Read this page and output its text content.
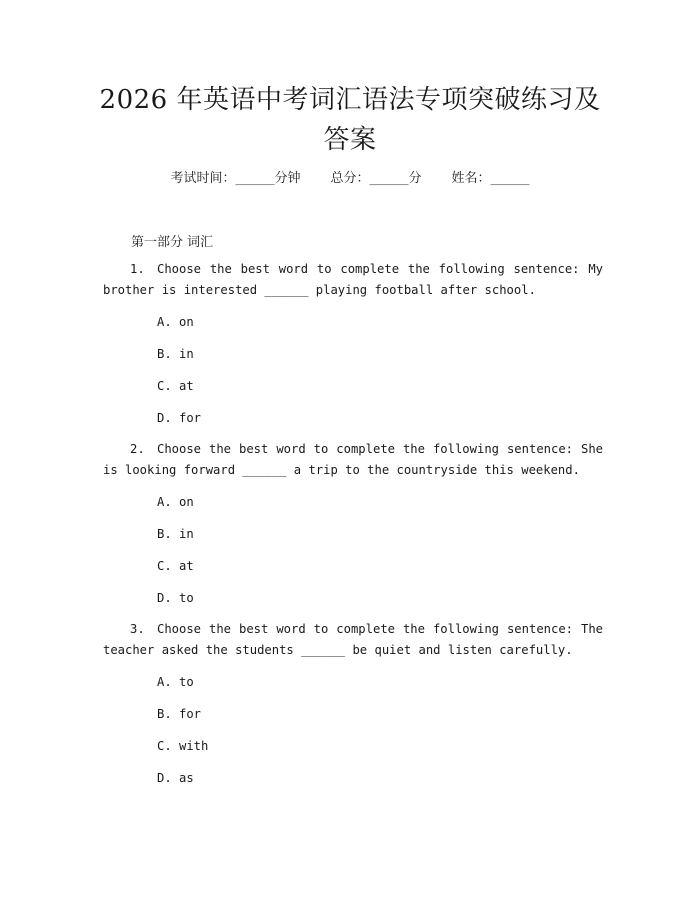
2026 年英语中考词汇语法专项突破练习及答案
考试时间：______分钟 总分：______分 姓名：______
第一部分 词汇
1. Choose the best word to complete the following sentence: My brother is interested ______ playing football after school.
A. on
B. in
C. at
D. for
2. Choose the best word to complete the following sentence: She is looking forward ______ a trip to the countryside this weekend.
A. on
B. in
C. at
D. to
3. Choose the best word to complete the following sentence: The teacher asked the students ______ be quiet and listen carefully.
A. to
B. for
C. with
D. as
